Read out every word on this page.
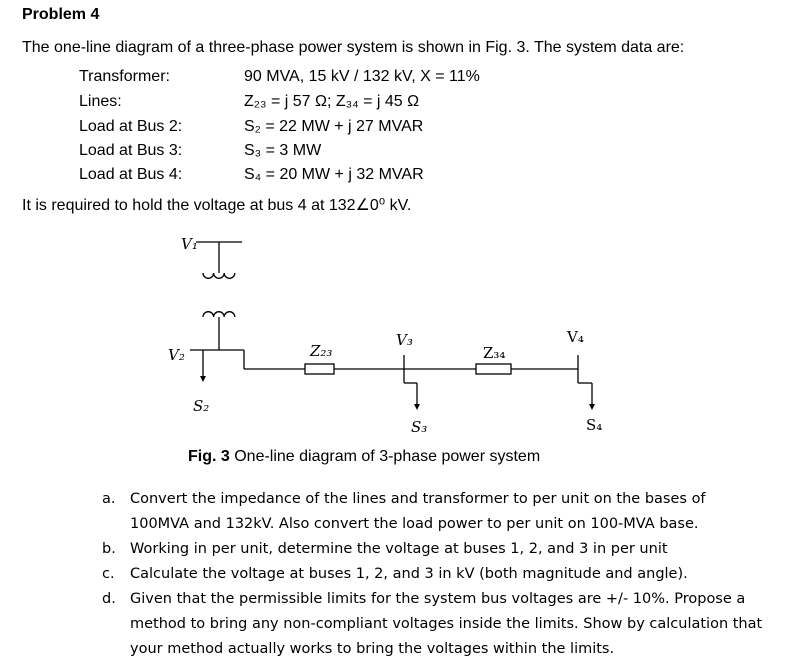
Problem 4
The one-line diagram of a three-phase power system is shown in Fig. 3. The system data are:
Transformer:	90 MVA, 15 kV / 132 kV, X = 11%
Lines:	Z₂₃ = j 57 Ω; Z₃₄ = j 45 Ω
Load at Bus 2:	S₂ = 22 MW + j 27 MVAR
Load at Bus 3:	S₃ = 3 MW
Load at Bus 4:	S₄ = 20 MW + j 32 MVAR
It is required to hold the voltage at bus 4 at 132∠0⁰ kV.
V₁
V₂
V₃	V₄
Z₂₃	Z₃₄
S₂
S₃	S₄
Fig. 3 One-line diagram of 3-phase power system
a. Convert the impedance of the lines and transformer to per unit on the bases of 100MVA and 132kV. Also convert the load power to per unit on 100-MVA base.
b. Working in per unit, determine the voltage at buses 1, 2, and 3 in per unit
c. Calculate the voltage at buses 1, 2, and 3 in kV (both magnitude and angle).
d. Given that the permissible limits for the system bus voltages are +/- 10%. Propose a method to bring any non-compliant voltages inside the limits. Show by calculation that your method actually works to bring the voltages within the limits.
